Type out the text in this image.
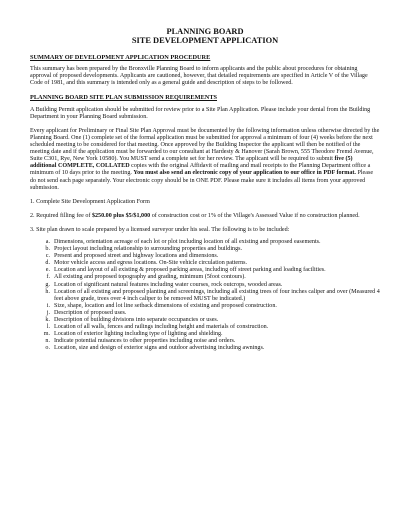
PLANNING BOARD

SITE DEVELOPMENT APPLICATION

SUMMARY OF DEVELOPMENT APPLICATION PROCEDURE

This summary has been prepared by the Bronxville Planning Board to inform applicants and the public about procedures for obtaining approval of proposed developments. Applicants are cautioned, however, that detailed requirements are specified in Article V of the Village Code of 1981, and this summary is intended only as a general guide and description of steps to be followed.

PLANNING BOARD SITE PLAN SUBMISSION REQUIREMENTS

A Building Permit application should be submitted for review prior to a Site Plan Application. Please include your denial from the Building Department in your Planning Board submission.

Every applicant for Preliminary or Final Site Plan Approval must be documented by the following information unless otherwise directed by the Planning Board. One (1) complete set of the formal application must be submitted for approval a minimum of four (4) weeks before the next scheduled meeting to be considered for that meeting. Once approved by the Building Inspector the applicant will then be notified of the meeting date and if the application must be forwarded to our consultant at Hardesty & Hanover (Sarah Brown, 555 Theodore Fremd Avenue, Suite C301, Rye, New York 10580). You MUST send a complete set for her review. The applicant will be required to submit five (5) additional COMPLETE, COLLATED copies with the original Affidavit of mailing and mail receipts to the Planning Department office a minimum of 10 days prior to the meeting. You must also send an electronic copy of your application to our office in PDF format. Please do not send each page separately. Your electronic copy should be in ONE PDF. Please make sure it includes all items from your approved submission.

1. Complete Site Development Application Form

2. Required filling fee of $250.00 plus $5/$1,000 of construction cost or 1% of the Village's Assessed Value if no construction planned.

3. Site plan drawn to scale prepared by a licensed surveyor under his seal. The following is to be included:

a. Dimensions, orientation acreage of each lot or plot including location of all existing and proposed easements.
b. Project layout including relationship to surrounding properties and buildings.
c. Present and proposed street and highway locations and dimensions.
d. Motor vehicle access and egress locations. On-Site vehicle circulation patterns.
e. Location and layout of all existing & proposed parking areas, including off street parking and loading facilities.
f. All existing and proposed topography and grading, minimum (5foot contours).
g. Location of significant natural features including water courses, rock outcrops, wooded areas.
h. Location of all existing and proposed planting and screenings, including all existing trees of four inches caliper and over (Measured 4 feet above grade, trees over 4 inch caliper to be removed MUST be indicated.)
i. Size, shape, location and lot line setback dimensions of existing and proposed construction.
j. Description of proposed uses.
k. Description of building divisions into separate occupancies or uses.
l. Location of all walls, fences and railings including height and materials of construction.
m. Location of exterior lighting including type of lighting and shielding.
n. Indicate potential nuisances to other properties including noise and orders.
o. Location, size and design of exterior signs and outdoor advertising including awnings.
